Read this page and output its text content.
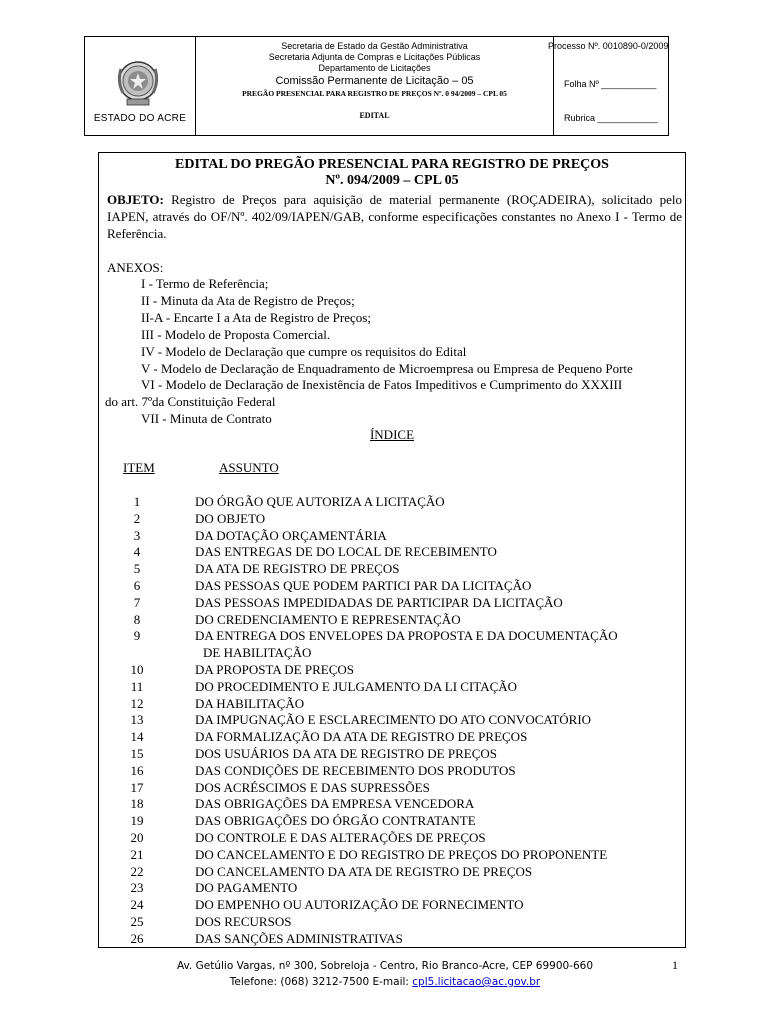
ESTADO DO ACRE
Secretaria de Estado da Gestão Administrativa
Secretaria Adjunta de Compras e Licitações Públicas
Departamento de Licitações
Comissão Permanente de Licitação – 05
PREGÃO PRESENCIAL PARA REGISTRO DE PREÇOS Nº. 0 94/2009 – CPL 05
EDITAL
Processo Nº. 0010890-0/2009
Folha Nº ___________
Rubrica ____________
EDITAL DO PREGÃO PRESENCIAL PARA REGISTRO DE PREÇOS
Nº. 094/2009 – CPL 05
OBJETO: Registro de Preços para aquisição de material permanente (ROÇADEIRA), solicitado pelo IAPEN, através do OF/Nº. 402/09/IAPEN/GAB, conforme especificações constantes no Anexo I - Termo de Referência.
ANEXOS:
I - Termo de Referência;
II - Minuta da Ata de Registro de Preços;
II-A - Encarte I a Ata de Registro de Preços;
III - Modelo de Proposta Comercial.
IV - Modelo de Declaração que cumpre os requisitos do Edital
V - Modelo de Declaração de Enquadramento de Microempresa ou Empresa de Pequeno Porte
VI - Modelo de Declaração de Inexistência de Fatos Impeditivos e Cumprimento do XXXIII
do art. 7ºda Constituição Federal
VII - Minuta de Contrato
ÍNDICE
ITEM	ASSUNTO
1	DO ÓRGÃO QUE AUTORIZA A LICITAÇÃO
2	DO OBJETO
3	DA DOTAÇÃO ORÇAMENTÁRIA
4	DAS ENTREGAS DE DO LOCAL DE RECEBIMENTO
5	DA ATA DE REGISTRO DE PREÇOS
6	DAS PESSOAS QUE PODEM PARTICI PAR DA LICITAÇÃO
7	DAS PESSOAS IMPEDIDADAS DE PARTICIPAR DA LICITAÇÃO
8	DO CREDENCIAMENTO E REPRESENTAÇÃO
9	DA ENTREGA DOS ENVELOPES DA PROPOSTA E DA DOCUMENTAÇÃO
DE HABILITAÇÃO
10	DA PROPOSTA DE PREÇOS
11	DO PROCEDIMENTO E JULGAMENTO DA LI CITAÇÃO
12	DA HABILITAÇÃO
13	DA IMPUGNAÇÃO E ESCLARECIMENTO DO ATO CONVOCATÓRIO
14	DA FORMALIZAÇÃO DA ATA DE REGISTRO DE PREÇOS
15	DOS USUÁRIOS DA ATA DE REGISTRO DE PREÇOS
16	DAS CONDIÇÕES DE RECEBIMENTO DOS PRODUTOS
17	DOS ACRÉSCIMOS E DAS SUPRESSÕES
18	DAS OBRIGAÇÕES DA EMPRESA VENCEDORA
19	DAS OBRIGAÇÕES DO ÓRGÃO CONTRATANTE
20	DO CONTROLE E DAS ALTERAÇÕES DE PREÇOS
21	DO CANCELAMENTO E DO REGISTRO DE PREÇOS DO PROPONENTE
22	DO CANCELAMENTO DA ATA DE REGISTRO DE PREÇOS
23	DO PAGAMENTO
24	DO EMPENHO OU AUTORIZAÇÃO DE FORNECIMENTO
25	DOS RECURSOS
26	DAS SANÇÕES ADMINISTRATIVAS
Av. Getúlio Vargas, nº 300, Sobreloja - Centro, Rio Branco-Acre, CEP 69900-660
Telefone: (068) 3212-7500 E-mail: cpl5.licitacao@ac.gov.br
1
